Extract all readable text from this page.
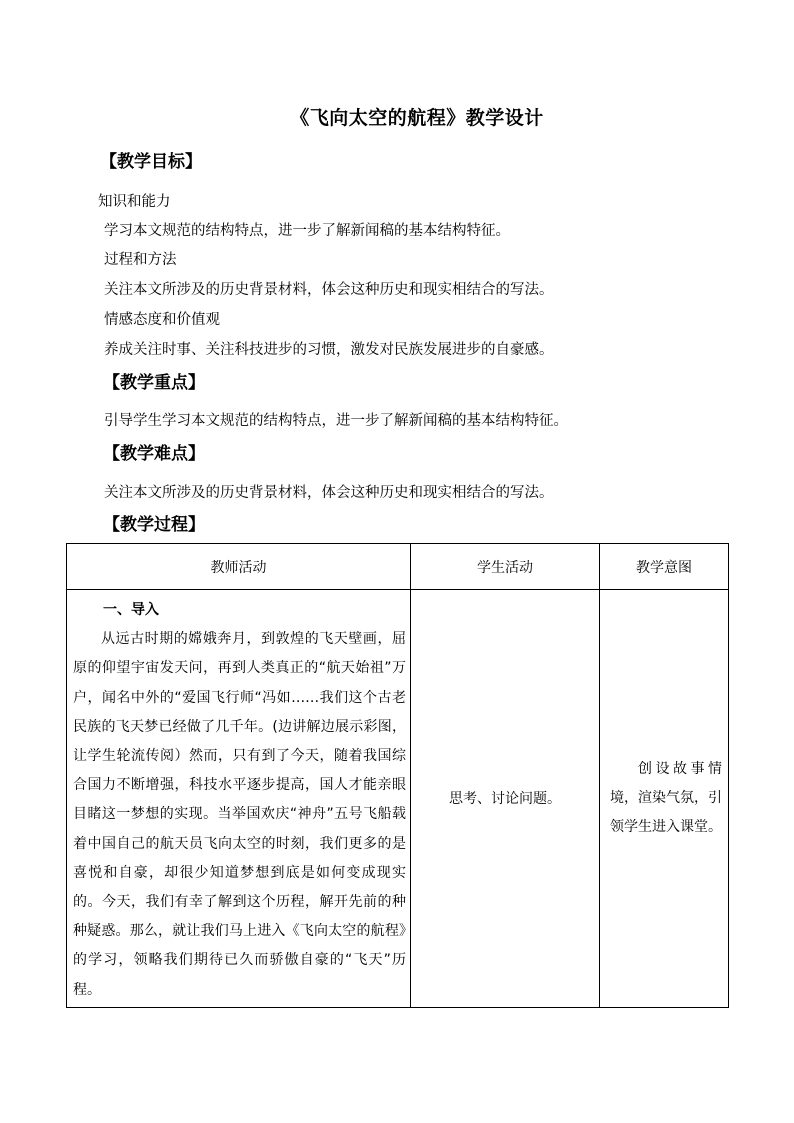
《飞向太空的航程》教学设计
【教学目标】
知识和能力
学习本文规范的结构特点，进一步了解新闻稿的基本结构特征。
过程和方法
关注本文所涉及的历史背景材料，体会这种历史和现实相结合的写法。
情感态度和价值观
养成关注时事、关注科技进步的习惯，激发对民族发展进步的自豪感。
【教学重点】
引导学生学习本文规范的结构特点，进一步了解新闻稿的基本结构特征。
【教学难点】
关注本文所涉及的历史背景材料，体会这种历史和现实相结合的写法。
【教学过程】
教师活动	学生活动	教学意图

一、导入
从远古时期的嫦娥奔月，到敦煌的飞天壁画，屈原的仰望宇宙发天问，再到人类真正的“航天始祖”万户，闻名中外的“爱国飞行师“冯如……我们这个古老民族的飞天梦已经做了几千年。(边讲解边展示彩图，让学生轮流传阅）然而，只有到了今天，随着我国综合国力不断增强，科技水平逐步提高，国人才能亲眼目睹这一梦想的实现。当举国欢庆“神舟”五号飞船载着中国自己的航天员飞向太空的时刻，我们更多的是喜悦和自豪，却很少知道梦想到底是如何变成现实的。今天，我们有幸了解到这个历程，解开先前的种种疑惑。那么，就让我们马上进入《飞向太空的航程》的学习，领略我们期待已久而骄傲自豪的“飞天”历程。	思考、讨论问题。	创设故事情境，渲染气氛，引领学生进入课堂。
